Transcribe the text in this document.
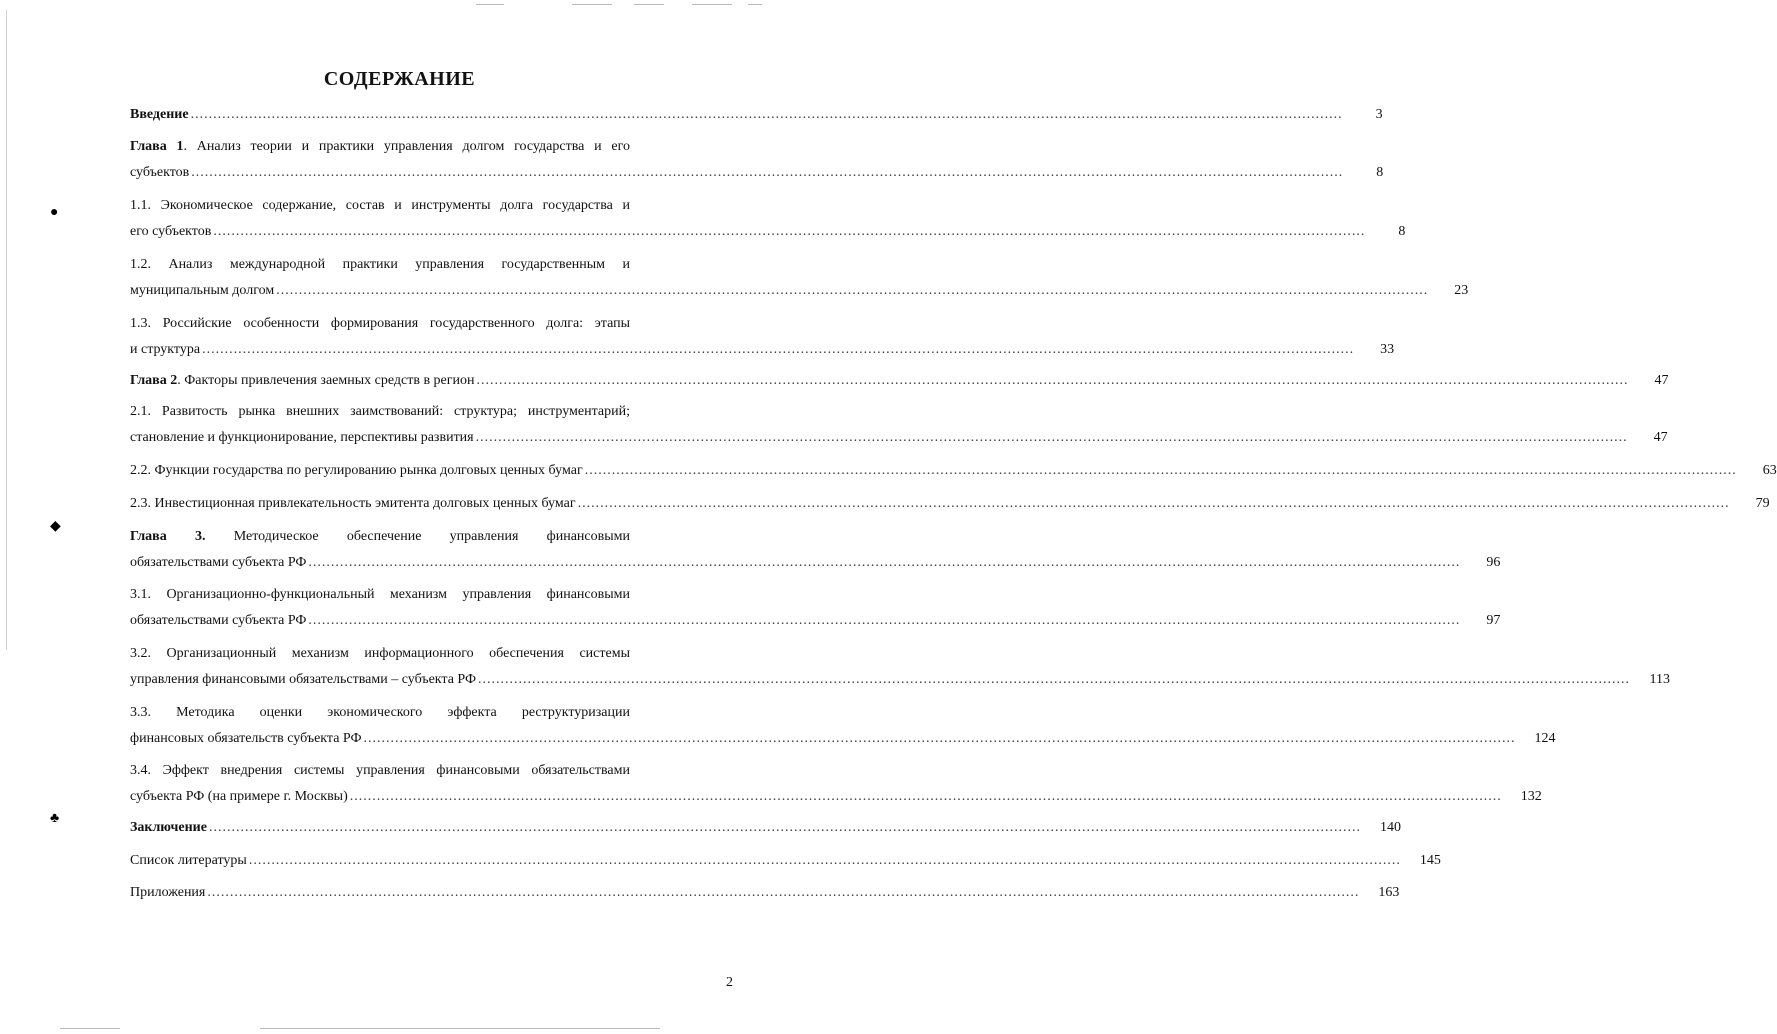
●
◆
♣
СОДЕРЖАНИЕ
Введение .....	3
Глава 1. Анализ теории и практики управления долгом государства и его
субъектов .....	8
1.1. Экономическое содержание, состав и инструменты долга государства и
его субъектов .....	8
1.2. Анализ международной практики управления государственным и
муниципальным долгом .....	23
1.3. Российские особенности формирования государственного долга: этапы
и структура .....	33
Глава 2. Факторы привлечения заемных средств в регион .....	47
2.1. Развитость рынка внешних заимствований: структура; инструментарий;
становление и функционирование, перспективы развития .....	47
2.2. Функции государства по регулированию рынка долговых ценных бумаг .....	63
2.3. Инвестиционная привлекательность эмитента долговых ценных бумаг .....	79
Глава 3. Методическое обеспечение управления финансовыми
обязательствами субъекта РФ .....	96
3.1. Организационно-функциональный механизм управления финансовыми
обязательствами субъекта РФ .....	97
3.2. Организационный механизм информационного обеспечения системы
управления финансовыми обязательствами – субъекта РФ .....	113
3.3. Методика оценки экономического эффекта реструктуризации
финансовых обязательств субъекта РФ .....	124
3.4. Эффект внедрения системы управления финансовыми обязательствами
субъекта РФ (на примере г. Москвы) .....	132
Заключение .....	140
Список литературы .....	145
Приложения .....	163
2
